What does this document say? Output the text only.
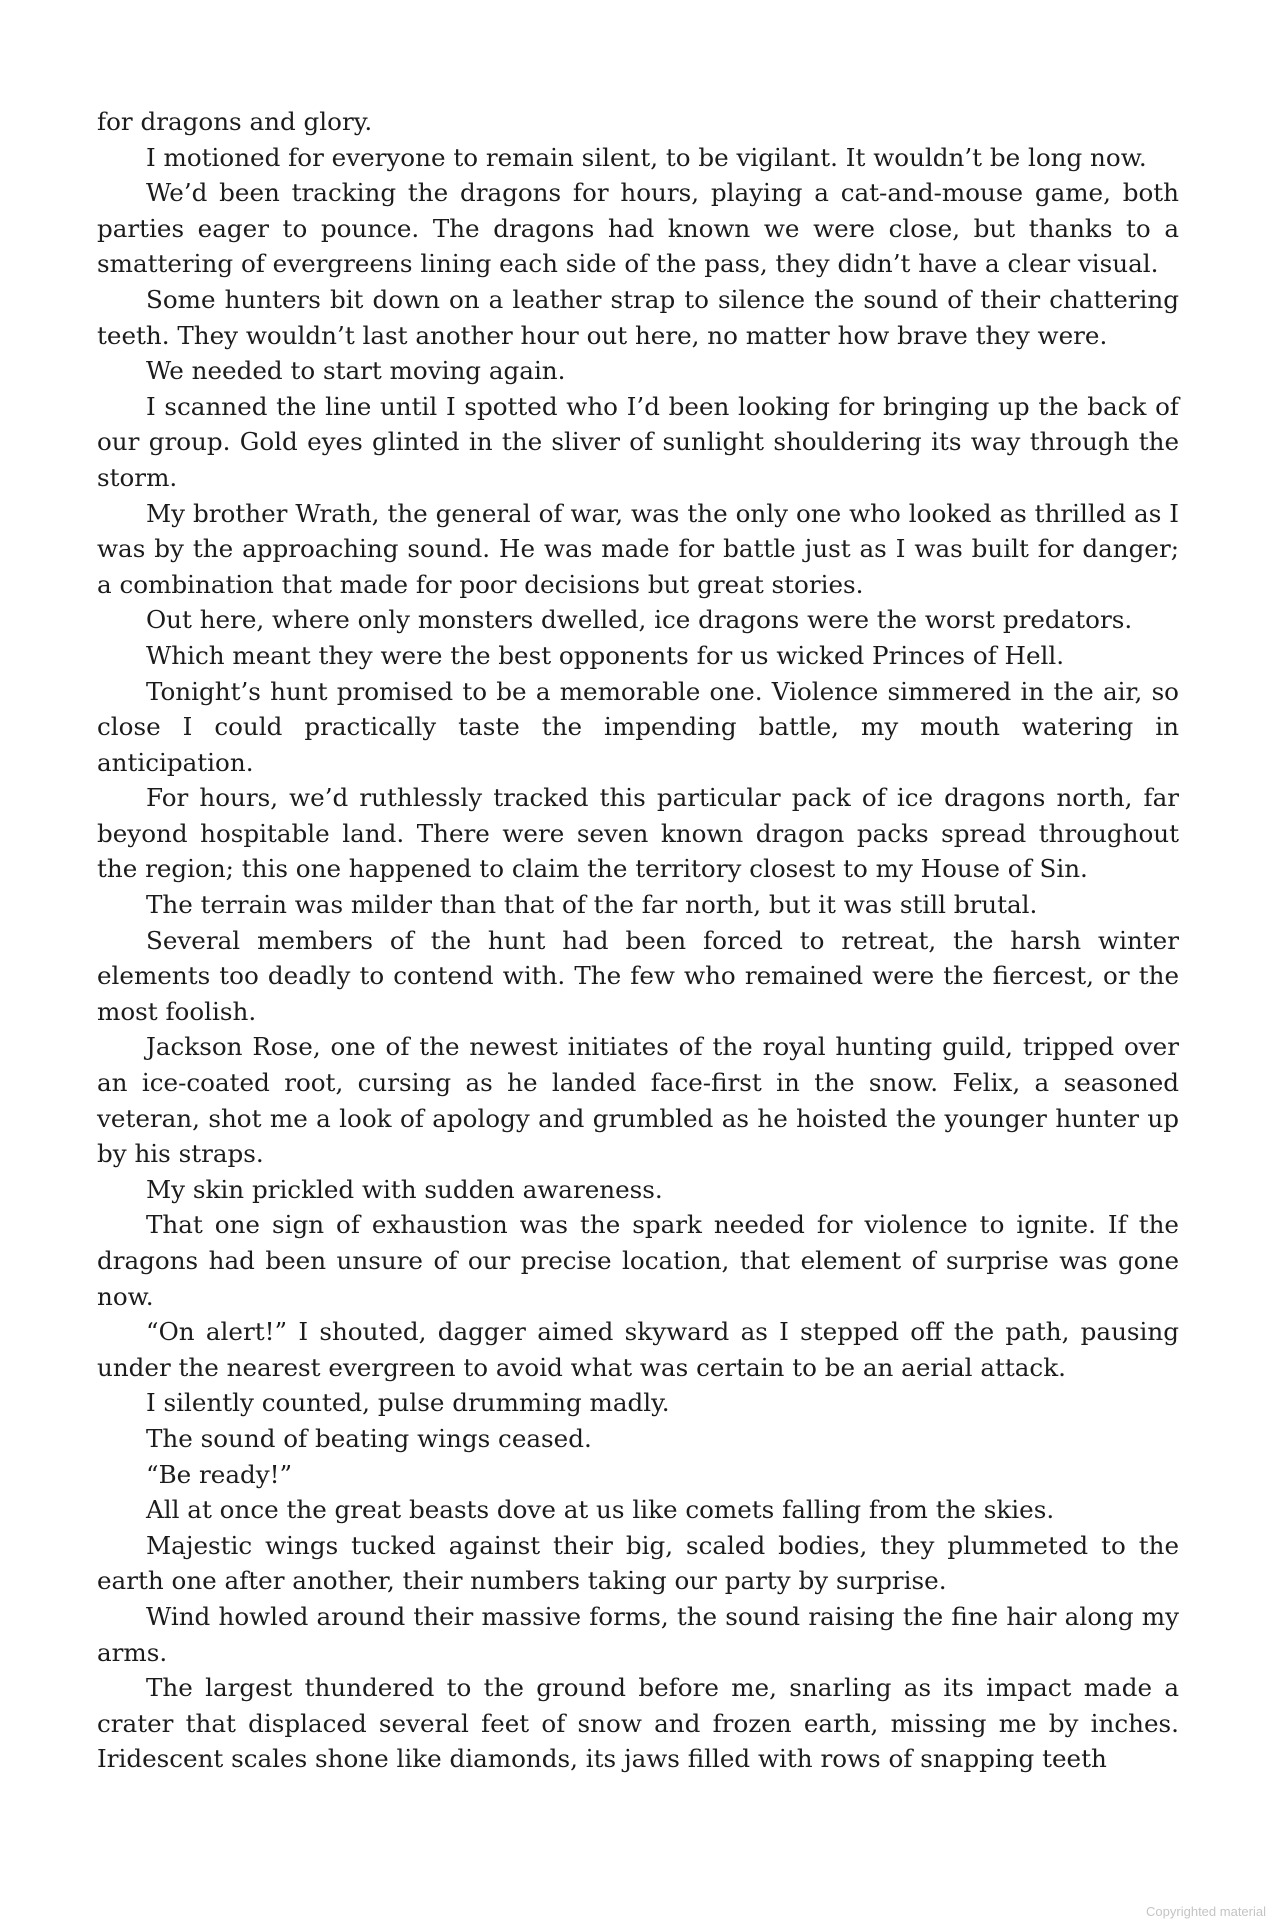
for dragons and glory.

I motioned for everyone to remain silent, to be vigilant. It wouldn’t be long now.

We’d been tracking the dragons for hours, playing a cat-and-mouse game, both parties eager to pounce. The dragons had known we were close, but thanks to a smattering of evergreens lining each side of the pass, they didn’t have a clear visual.

Some hunters bit down on a leather strap to silence the sound of their chattering teeth. They wouldn’t last another hour out here, no matter how brave they were.

We needed to start moving again.

I scanned the line until I spotted who I’d been looking for bringing up the back of our group. Gold eyes glinted in the sliver of sunlight shouldering its way through the storm.

My brother Wrath, the general of war, was the only one who looked as thrilled as I was by the approaching sound. He was made for battle just as I was built for danger; a combination that made for poor decisions but great stories.

Out here, where only monsters dwelled, ice dragons were the worst predators.

Which meant they were the best opponents for us wicked Princes of Hell.

Tonight’s hunt promised to be a memorable one. Violence simmered in the air, so close I could practically taste the impending battle, my mouth watering in anticipation.

For hours, we’d ruthlessly tracked this particular pack of ice dragons north, far beyond hospitable land. There were seven known dragon packs spread throughout the region; this one happened to claim the territory closest to my House of Sin.

The terrain was milder than that of the far north, but it was still brutal.

Several members of the hunt had been forced to retreat, the harsh winter elements too deadly to contend with. The few who remained were the fiercest, or the most foolish.

Jackson Rose, one of the newest initiates of the royal hunting guild, tripped over an ice-coated root, cursing as he landed face-first in the snow. Felix, a seasoned veteran, shot me a look of apology and grumbled as he hoisted the younger hunter up by his straps.

My skin prickled with sudden awareness.

That one sign of exhaustion was the spark needed for violence to ignite. If the dragons had been unsure of our precise location, that element of surprise was gone now.

“On alert!” I shouted, dagger aimed skyward as I stepped off the path, pausing under the nearest evergreen to avoid what was certain to be an aerial attack.

I silently counted, pulse drumming madly.

The sound of beating wings ceased.

“Be ready!”

All at once the great beasts dove at us like comets falling from the skies.

Majestic wings tucked against their big, scaled bodies, they plummeted to the earth one after another, their numbers taking our party by surprise.

Wind howled around their massive forms, the sound raising the fine hair along my arms.

The largest thundered to the ground before me, snarling as its impact made a crater that displaced several feet of snow and frozen earth, missing me by inches. Iridescent scales shone like diamonds, its jaws filled with rows of snapping teeth

Copyrighted material
